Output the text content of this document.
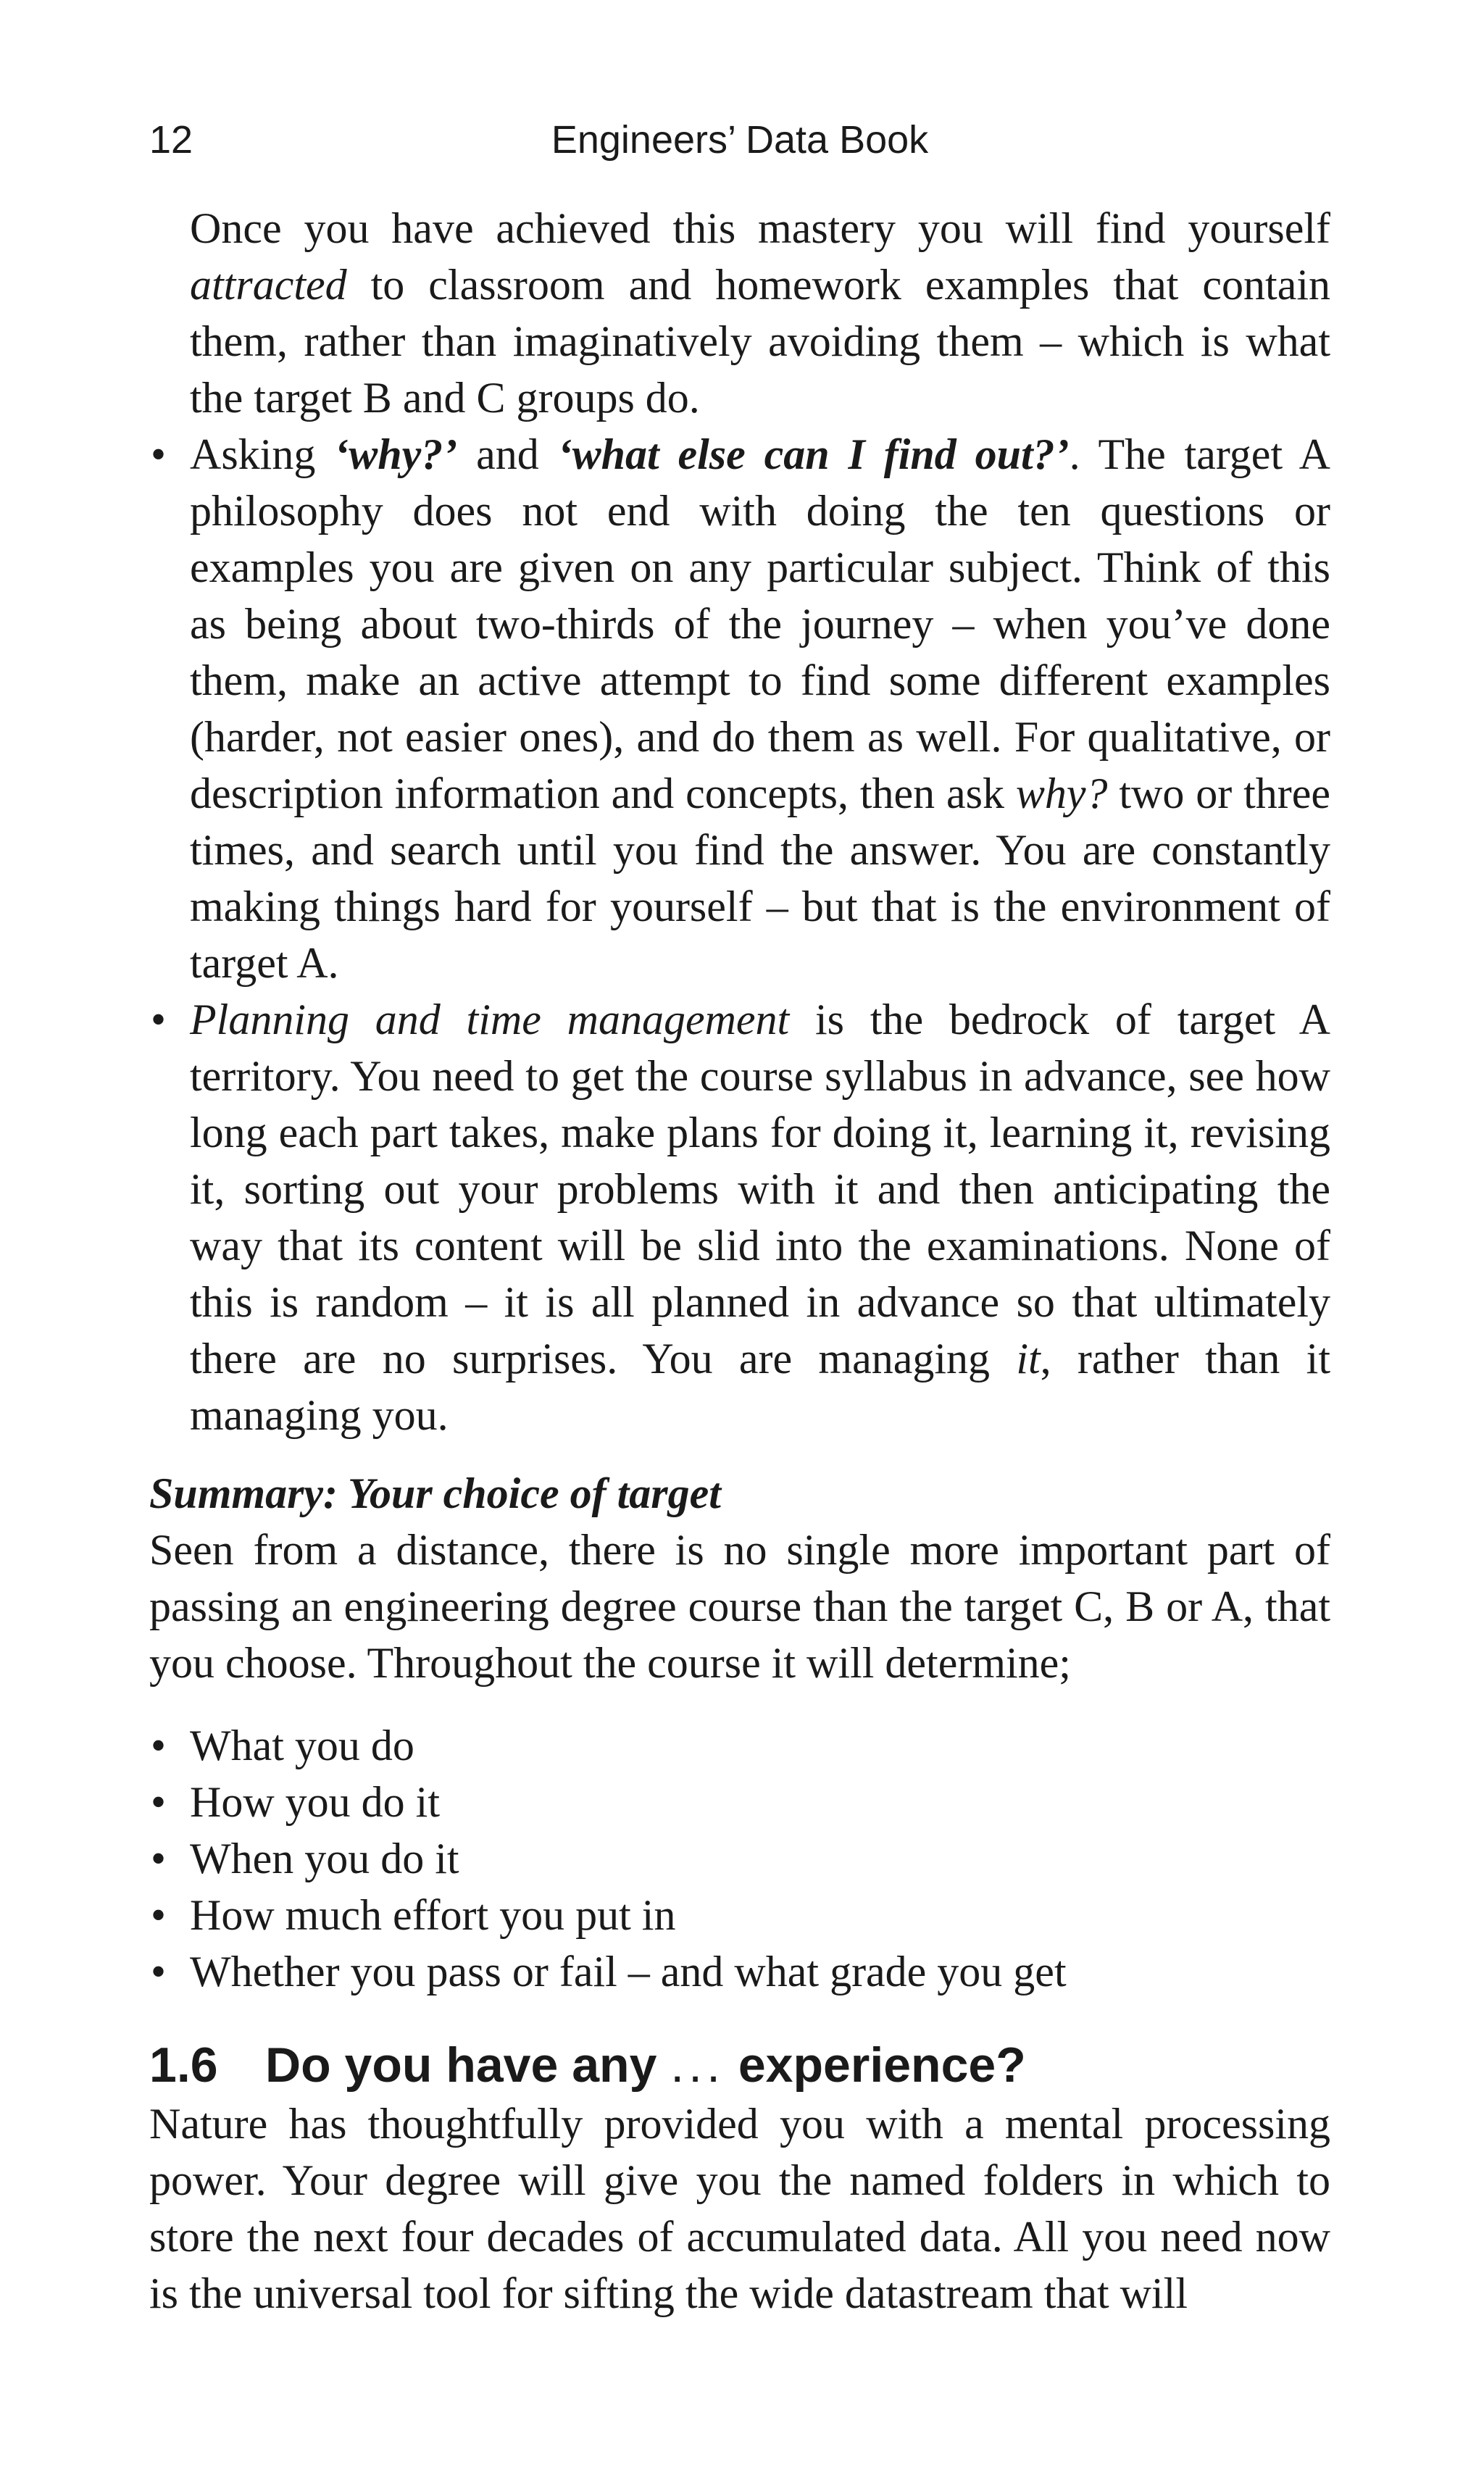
12	Engineers’ Data Book

Once you have achieved this mastery you will find yourself attracted to classroom and homework examples that contain them, rather than imaginatively avoiding them – which is what the target B and C groups do.

• Asking ‘why?’ and ‘what else can I find out?’. The target A philosophy does not end with doing the ten questions or examples you are given on any particular subject. Think of this as being about two-thirds of the journey – when you’ve done them, make an active attempt to find some different examples (harder, not easier ones), and do them as well. For qualitative, or description information and concepts, then ask why? two or three times, and search until you find the answer. You are constantly making things hard for yourself – but that is the environment of target A.
• Planning and time management is the bedrock of target A territory. You need to get the course syllabus in advance, see how long each part takes, make plans for doing it, learning it, revising it, sorting out your problems with it and then anticipating the way that its content will be slid into the examinations. None of this is random – it is all planned in advance so that ultimately there are no surprises. You are managing it, rather than it managing you.
Summary: Your choice of target

Seen from a distance, there is no single more important part of passing an engineering degree course than the target C, B or A, that you choose. Throughout the course it will determine;

• What you do
• How you do it
• When you do it
• How much effort you put in
• Whether you pass or fail – and what grade you get
1.6 Do you have any ... experience?

Nature has thoughtfully provided you with a mental processing power. Your degree will give you the named folders in which to store the next four decades of accumulated data. All you need now is the universal tool for sifting the wide datastream that will
